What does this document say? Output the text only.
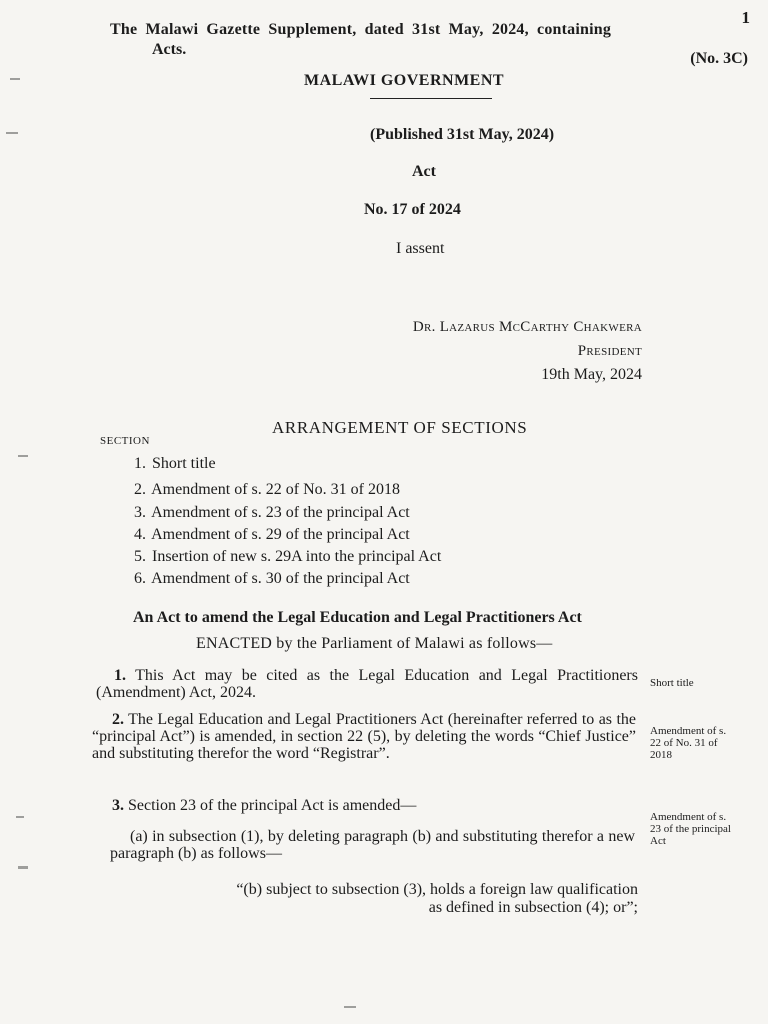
1
The Malawi Gazette Supplement, dated 31st May, 2024, containing
Acts.
(No. 3C)
MALAWI GOVERNMENT
(Published 31st May, 2024)
Act
No. 17 of 2024
I assent
Dr. Lazarus McCarthy Chakwera
President
19th May, 2024
ARRANGEMENT OF SECTIONS
SECTION
1. Short title
2. Amendment of s. 22 of No. 31 of 2018
3. Amendment of s. 23 of the principal Act
4. Amendment of s. 29 of the principal Act
5. Insertion of new s. 29A into the principal Act
6. Amendment of s. 30 of the principal Act
An Act to amend the Legal Education and Legal Practitioners Act
ENACTED by the Parliament of Malawi as follows—
1. This Act may be cited as the Legal Education and Legal Practitioners (Amendment) Act, 2024.
Short title
2. The Legal Education and Legal Practitioners Act (hereinafter referred to as the “principal Act”) is amended, in section 22 (5), by deleting the words “Chief Justice” and substituting therefor the word “Registrar”.
Amendment of s. 22 of No. 31 of 2018
3. Section 23 of the principal Act is amended—
Amendment of s. 23 of the principal Act
(a) in subsection (1), by deleting paragraph (b) and substituting therefor a new paragraph (b) as follows—
“(b) subject to subsection (3), holds a foreign law qualification as defined in subsection (4); or”;
